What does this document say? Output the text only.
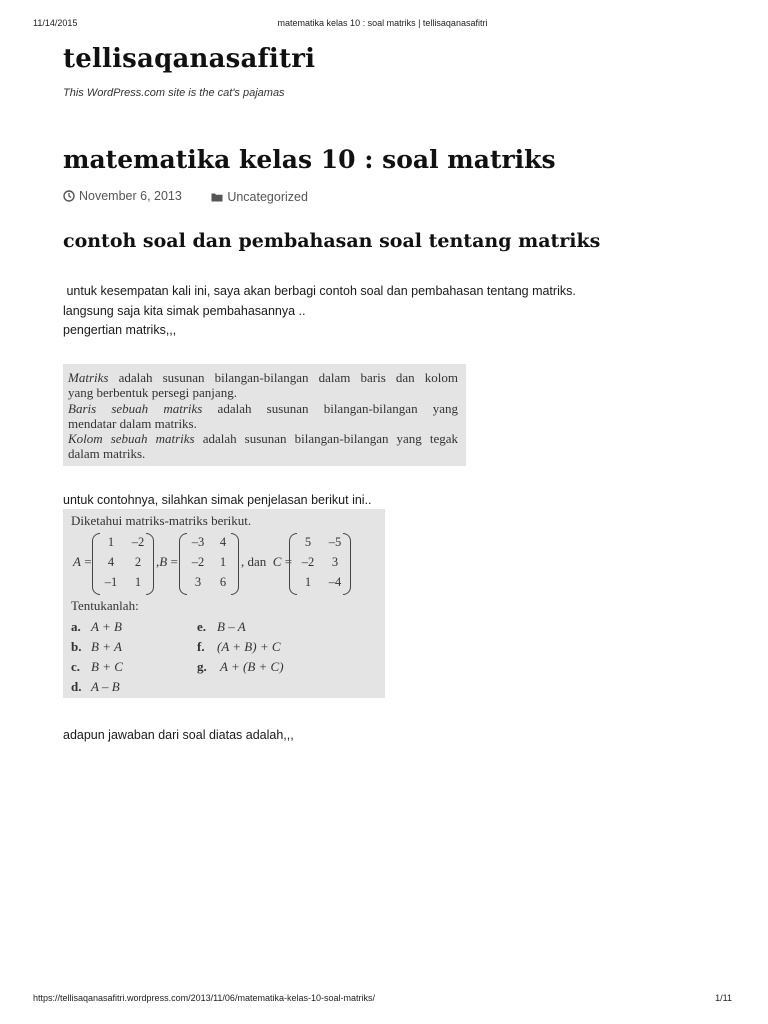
11/14/2015	matematika kelas 10 : soal matriks | tellisaqanasafitri
tellisaqanasafitri
This WordPress.com site is the cat's pajamas
matematika kelas 10 : soal matriks
November 6, 2013
	Uncategorized
contoh soal dan pembahasan soal tentang matriks
untuk kesempatan kali ini, saya akan berbagi contoh soal dan pembahasan tentang matriks.
langsung saja kita simak pembahasannya ..
pengertian matriks,,,
Matriks adalah susunan bilangan-bilangan dalam baris dan kolom
yang berbentuk persegi panjang.
Baris sebuah matriks adalah susunan bilangan-bilangan yang
mendatar dalam matriks.
Kolom sebuah matriks adalah susunan bilangan-bilangan yang tegak
dalam matriks.
untuk contohnya, silahkan simak penjelasan berikut ini..
Diketahui matriks-matriks berikut.
A =
1	–2
4	2
–1	1
,B =
–3	4
–2	1
3	6
, dan  C =
5	–5
–2	3
1	–4
Tentukanlah:
a. A + B
b. B + A
c. B + C
d. A – B
e. B – A
f. (A + B) + C
g. A + (B + C)
adapun jawaban dari soal diatas adalah,,,
https://tellisaqanasafitri.wordpress.com/2013/11/06/matematika-kelas-10-soal-matriks/	1/11
